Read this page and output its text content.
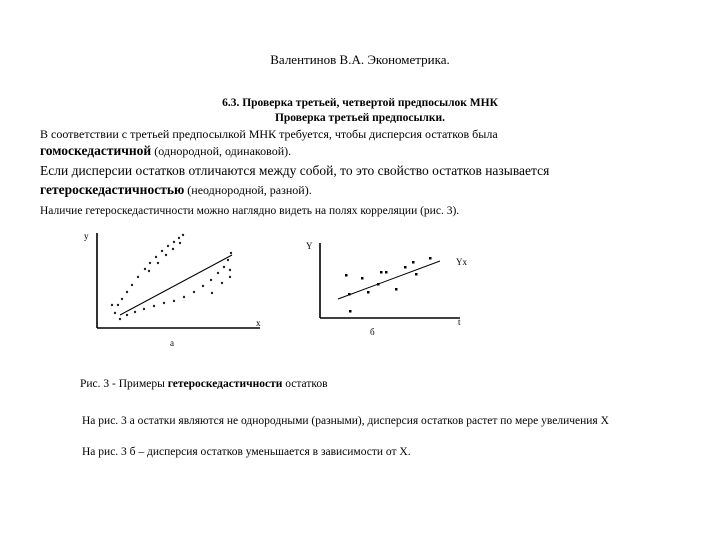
Валентинов В.А. Эконометрика.
6.3. Проверка третьей, четвертой предпосылок МНК
Проверка третьей предпосылки.
В соответствии с третьей предпосылкой МНК требуется, чтобы дисперсия остатков была
гомоскедастичной (однородной, одинаковой).
Если дисперсии остатков отличаются между собой, то это свойство остатков называется
гетероскедастичностью (неоднородной, разной).
Наличие гетероскедастичности можно наглядно видеть на полях корреляции (рис. 3).
y
x
а
Y
Yx
t
б
Рис. 3 - Примеры гетероскедастичности остатков
На рис. 3 а остатки являются не однородными (разными), дисперсия остатков растет по мере увеличения X
На рис. 3 б – дисперсия остатков уменьшается в зависимости от X.
